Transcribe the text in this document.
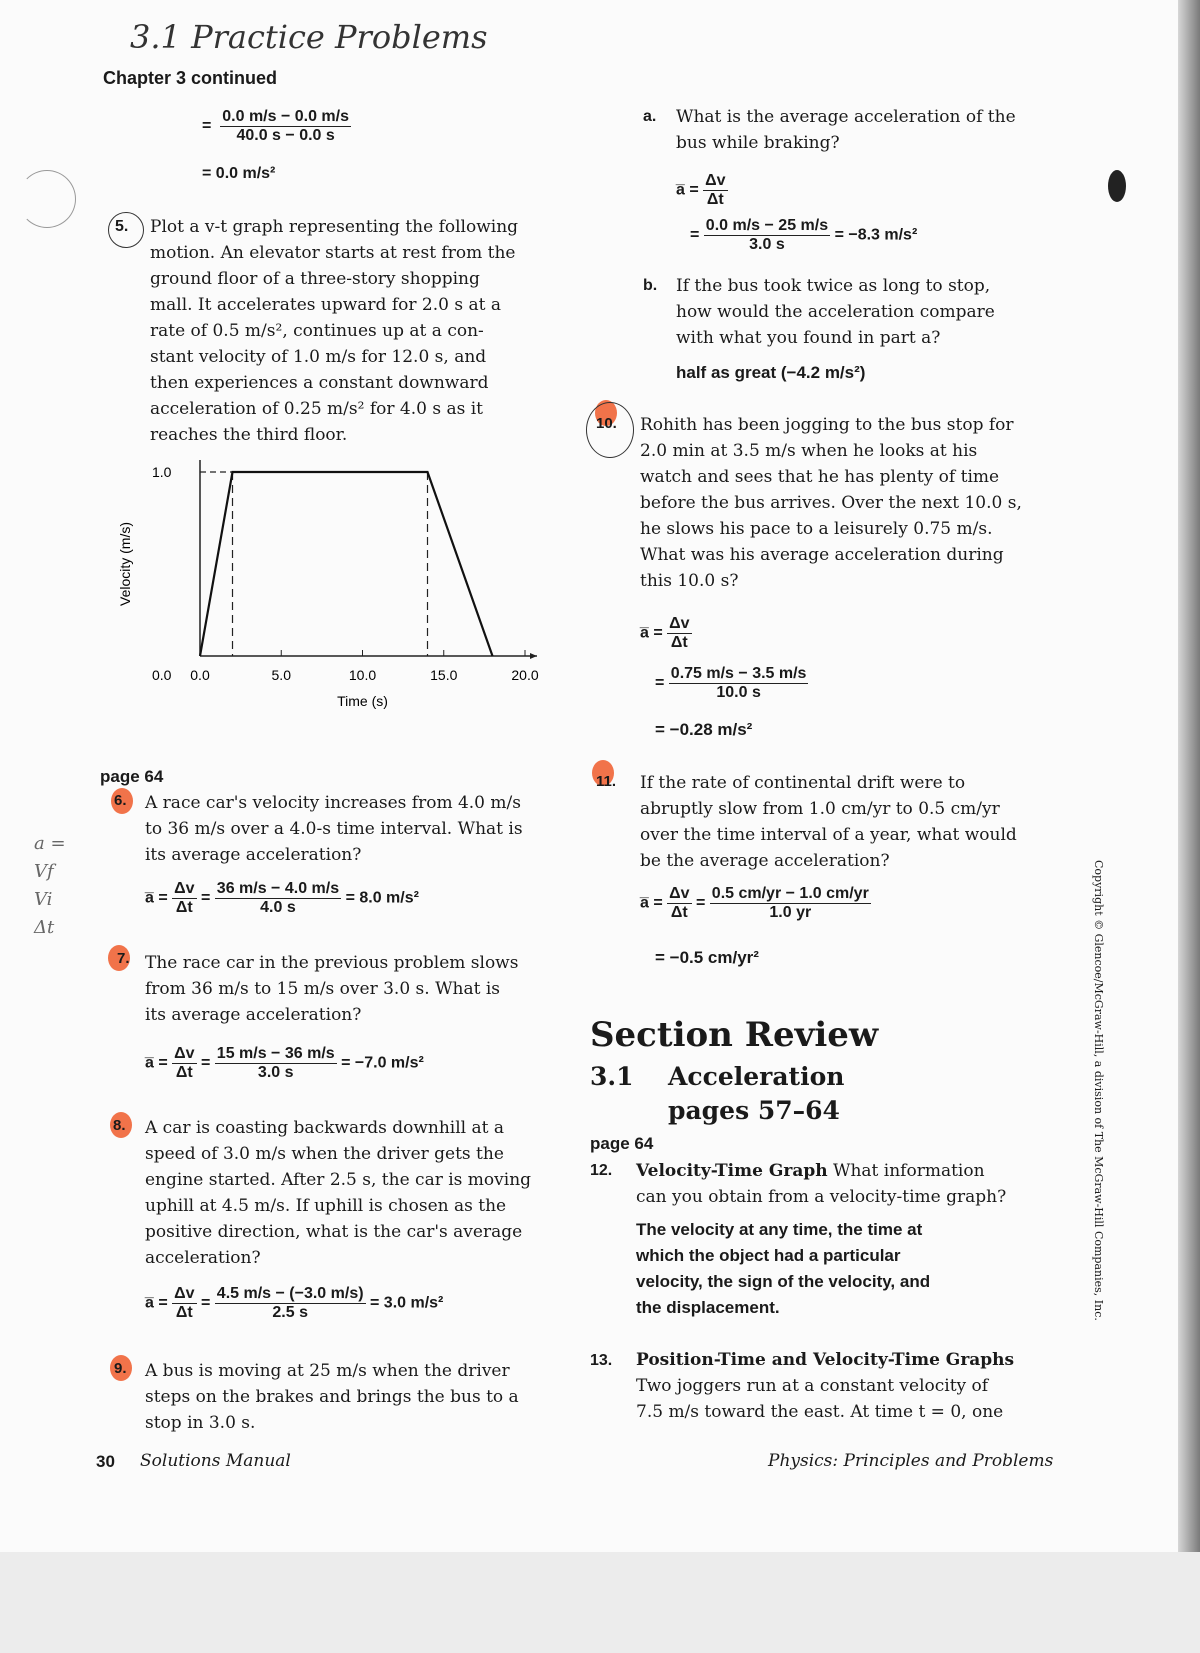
3.1 Practice Problems
Chapter 3 continued
= $\frac{0.0 m/s - 0.0 m/s}{40.0 s - 0.0 s}$
= 0.0 m/s²
5. Plot a v-t graph representing the following
motion. An elevator starts at rest from the
ground floor of a three-story shopping
mall. It accelerates upward for 2.0 s at a
rate of 0.5 m/s², continues up at a con-
stant velocity of 1.0 m/s for 12.0 s, and
then experiences a constant downward
acceleration of 0.25 m/s² for 4.0 s as it
reaches the third floor.
0.0	5.0	10.0	15.0	20.0
0.0
1.0
Time (s)
Velocity (m/s)
page 64
6. A race car's velocity increases from 4.0 m/s
to 36 m/s over a 4.0-s time interval. What is
its average acceleration?
a̅ = $\frac{\Delta v}{\Delta t} = \frac{36 m/s - 4.0 m/s}{4.0 s} = 8.0$ m/s²
7. The race car in the previous problem slows
from 36 m/s to 15 m/s over 3.0 s. What is
its average acceleration?
a̅ = $\frac{\Delta v}{\Delta t} = \frac{15 m/s - 36 m/s}{3.0 s} = -7.0$ m/s²
8. A car is coasting backwards downhill at a
speed of 3.0 m/s when the driver gets the
engine started. After 2.5 s, the car is moving
uphill at 4.5 m/s. If uphill is chosen as the
positive direction, what is the car's average
acceleration?
a̅ = $\frac{\Delta v}{\Delta t} = \frac{4.5 m/s - (-3.0 m/s)}{2.5 s} = 3.0$ m/s²
9. A bus is moving at 25 m/s when the driver
steps on the brakes and brings the bus to a
stop in 3.0 s.
30 Solutions Manual	Physics: Principles and Problems
a. What is the average acceleration of the
bus while braking?
a̅ = $\frac{\Delta v}{\Delta t}$
= $\frac{0.0 m/s - 25 m/s}{3.0 s} = -8.3$ m/s²
b. If the bus took twice as long to stop,
how would the acceleration compare
with what you found in part a?
half as great (−4.2 m/s²)
10. Rohith has been jogging to the bus stop for
2.0 min at 3.5 m/s when he looks at his
watch and sees that he has plenty of time
before the bus arrives. Over the next 10.0 s,
he slows his pace to a leisurely 0.75 m/s.
What was his average acceleration during
this 10.0 s?
a̅ = $\frac{\Delta v}{\Delta t}$
= $\frac{0.75 m/s - 3.5 m/s}{10.0 s}$
= −0.28 m/s²
11. If the rate of continental drift were to
abruptly slow from 1.0 cm/yr to 0.5 cm/yr
over the time interval of a year, what would
be the average acceleration?
a̅ = $\frac{\Delta v}{\Delta t} = \frac{0.5 cm/yr - 1.0 cm/yr}{1.0 yr}$
= −0.5 cm/yr²
Section Review
3.1 Acceleration
pages 57–64
page 64
12. Velocity-Time Graph What information
can you obtain from a velocity-time graph?
The velocity at any time, the time at
which the object had a particular
velocity, the sign of the velocity, and
the displacement.
13. Position-Time and Velocity-Time Graphs
Two joggers run at a constant velocity of
7.5 m/s toward the east. At time t = 0, one
Copyright © Glencoe/McGraw-Hill, a division of The McGraw-Hill Companies, Inc.
a =
Vf
Vi
Δt
